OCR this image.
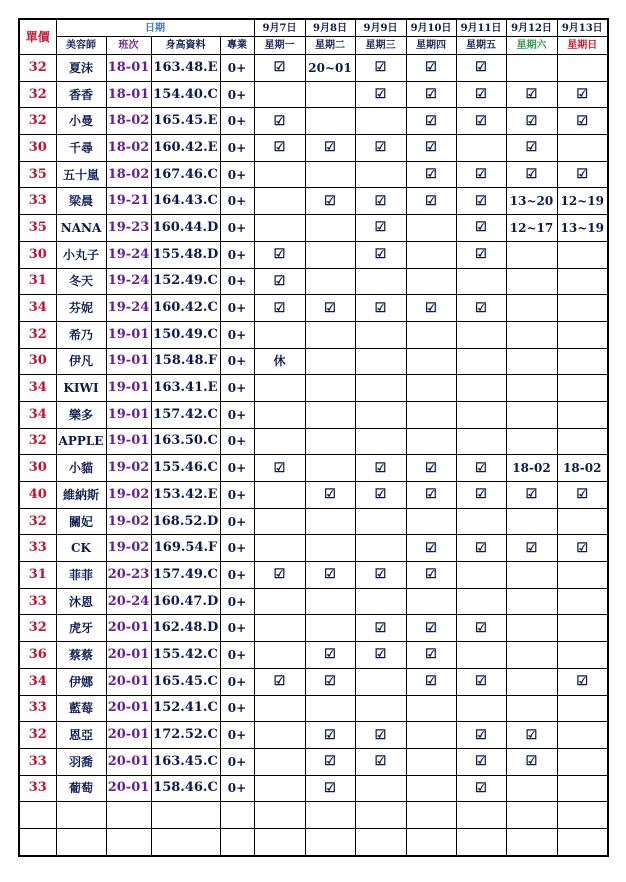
單價	日期				9月7日	9月8日	9月9日	9月10日	9月11日	9月12日	9月13日
	美容師	班次	身高資料	專業	星期一	星期二	星期三	星期四	星期五	星期六	星期日
32	夏沫	18-01	163.48.E	0+	☑	20~01	☑	☑	☑		
32	香香	18-01	154.40.C	0+			☑	☑	☑	☑	☑
32	小曼	18-02	165.45.E	0+	☑			☑	☑	☑	☑
30	千尋	18-02	160.42.E	0+	☑	☑	☑	☑		☑	
35	五十嵐	18-02	167.46.C	0+				☑	☑	☑	☑
33	梁晨	19-21	164.43.C	0+		☑	☑	☑	☑	13~20	12~19
35	NANA	19-23	160.44.D	0+			☑		☑	12~17	13~19
30	小丸子	19-24	155.48.D	0+	☑		☑		☑		
31	冬天	19-24	152.49.C	0+	☑						
34	芬妮	19-24	160.42.C	0+	☑	☑	☑	☑	☑		
32	希乃	19-01	150.49.C	0+							
30	伊凡	19-01	158.48.F	0+	休						
34	KIWI	19-01	163.41.E	0+							
34	樂多	19-01	157.42.C	0+							
32	APPLE	19-01	163.50.C	0+							
30	小貓	19-02	155.46.C	0+	☑		☑	☑	☑	18-02	18-02
40	維納斯	19-02	153.42.E	0+		☑	☑	☑	☑	☑	☑
32	關妃	19-02	168.52.D	0+							
33	CK	19-02	169.54.F	0+				☑	☑	☑	☑
31	菲菲	20-23	157.49.C	0+	☑	☑	☑	☑			
33	沐恩	20-24	160.47.D	0+							
32	虎牙	20-01	162.48.D	0+			☑	☑	☑		
36	蔡蔡	20-01	155.42.C	0+		☑	☑	☑			
34	伊娜	20-01	165.45.C	0+	☑	☑		☑	☑		☑
33	藍莓	20-01	152.41.C	0+							
32	恩亞	20-01	172.52.C	0+		☑	☑		☑	☑	
33	羽喬	20-01	163.45.C	0+		☑	☑		☑	☑	
33	葡萄	20-01	158.46.C	0+		☑			☑		
